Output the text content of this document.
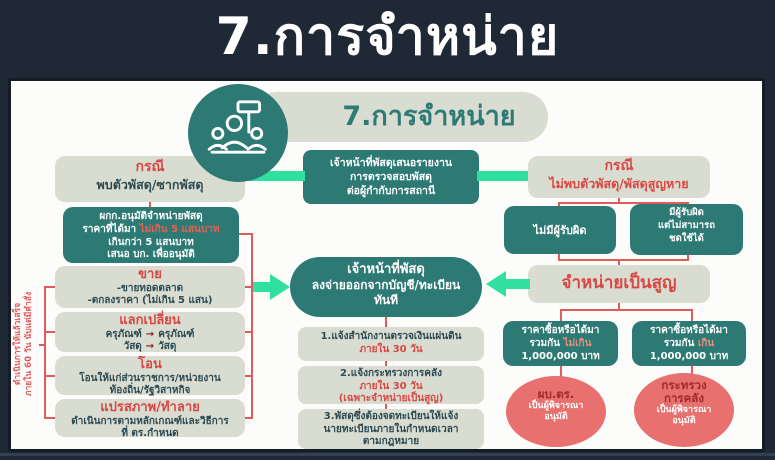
7.การจำหน่าย
7.การจำหน่าย
เจ้าหน้าที่พัสดุเสนอรายงาน
การตรวจสอบพัสดุ
ต่อผู้กำกับการสถานี
กรณี
พบตัวพัสดุ/ซากพัสดุ
ผกก.อนุมัติจำหน่ายพัสดุ
ราคาที่ได้มา ไม่เกิน 5 แสนบาท
เกินกว่า 5 แสนบาท
เสนอ บก. เพื่ออนุมัติ
ขาย
-ขายทอดตลาด
-ตกลงราคา (ไม่เกิน 5 แสน)
แลกเปลี่ยน
ครุภัณฑ์ → ครุภัณฑ์
วัสดุ → วัสดุ
โอน
โอนให้แก่ส่วนราชการ/หน่วยงาน
ท้องถิ่น/รัฐวิสาหกิจ
แปรสภาพ/ทำลาย
ดำเนินการตามหลักเกณฑ์และวิธีการ
ที่ ตร.กำหนด
ดำเนินการให้แล้วเสร็จ ภายใน 60 วัน นับแต่มีคำสั่ง
เจ้าหน้าที่พัสดุ
ลงจ่ายออกจากบัญชี/ทะเบียน
ทันที
1.แจ้งสำนักงานตรวจเงินแผ่นดิน
ภายใน 30 วัน
2.แจ้งกระทรวงการคลัง
ภายใน 30 วัน
(เฉพาะจำหน่ายเป็นสูญ)
3.พัสดุซึ่งต้องจดทะเบียนให้แจ้ง
นายทะเบียนภายในกำหนดเวลา
ตามกฎหมาย
กรณี
ไม่พบตัวพัสดุ/พัสดุสูญหาย
ไม่มีผู้รับผิด
มีผู้รับผิด
แต่ไม่สามารถ
ชดใช้ได้
จำหน่ายเป็นสูญ
ราคาซื้อหรือได้มา
รวมกัน ไม่เกิน
1,000,000 บาท
ราคาซื้อหรือได้มา
รวมกัน เกิน
1,000,000 บาท
ผบ.ตร.
เป็นผู้พิจารณา
อนุมัติ
กระทรวง
การคลัง
เป็นผู้พิจารณา
อนุมัติ
